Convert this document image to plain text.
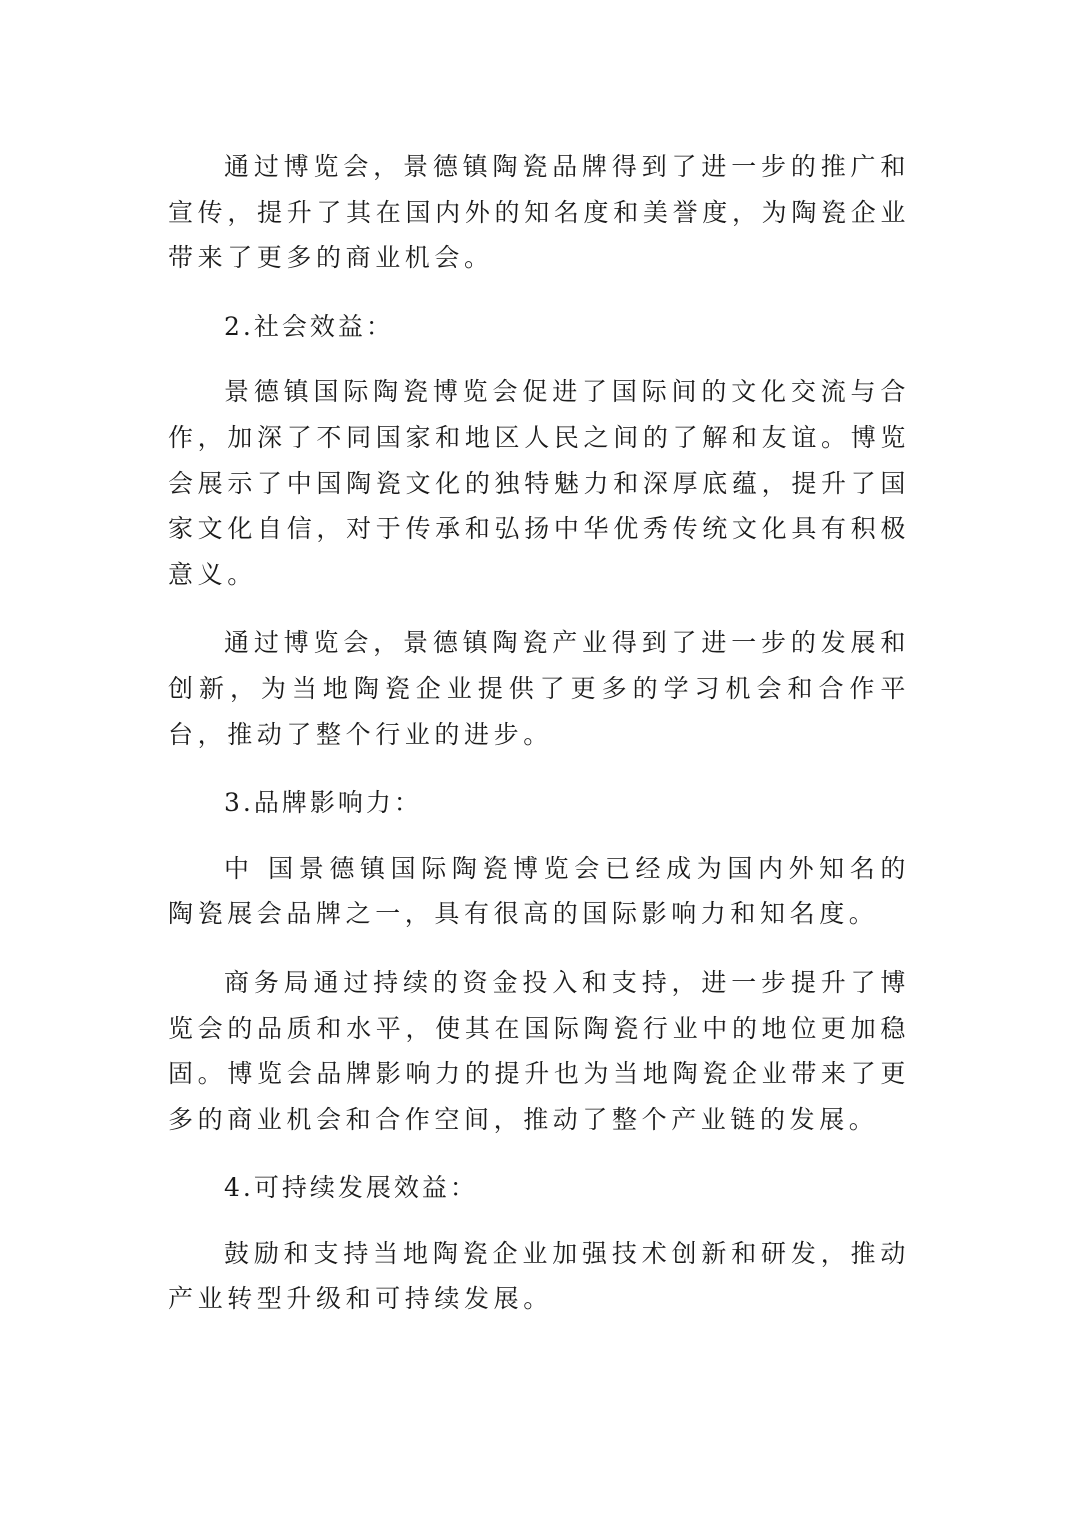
通过博览会，景德镇陶瓷品牌得到了进一步的推广和宣传，提升了其在国内外的知名度和美誉度，为陶瓷企业带来了更多的商业机会。

2.社会效益：

景德镇国际陶瓷博览会促进了国际间的文化交流与合作，加深了不同国家和地区人民之间的了解和友谊。博览会展示了中国陶瓷文化的独特魅力和深厚底蕴，提升了国家文化自信，对于传承和弘扬中华优秀传统文化具有积极意义。

通过博览会，景德镇陶瓷产业得到了进一步的发展和创新，为当地陶瓷企业提供了更多的学习机会和合作平台，推动了整个行业的进步。

3.品牌影响力：

中 国景德镇国际陶瓷博览会已经成为国内外知名的陶瓷展会品牌之一，具有很高的国际影响力和知名度。

商务局通过持续的资金投入和支持，进一步提升了博览会的品质和水平，使其在国际陶瓷行业中的地位更加稳固。博览会品牌影响力的提升也为当地陶瓷企业带来了更多的商业机会和合作空间，推动了整个产业链的发展。

4.可持续发展效益：

鼓励和支持当地陶瓷企业加强技术创新和研发，推动产业转型升级和可持续发展。
